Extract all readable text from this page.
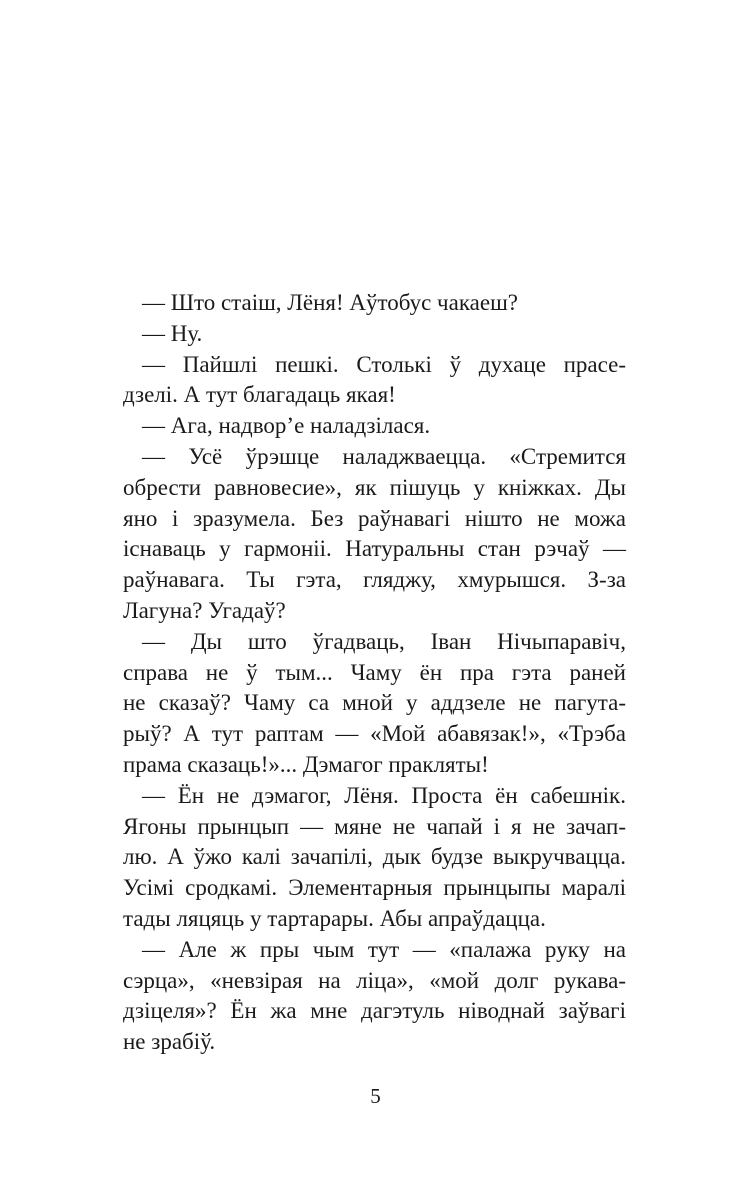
— Што стаіш, Лёня! Аўтобус чакаеш?
— Ну.
— Пайшлі пешкі. Столькі ў духаце прасе-
дзелі. А тут благадаць якая!
— Ага, надвор’е наладзілася.
— Усё ўрэшце наладжваецца. «Стремится
обрести равновесие», як пішуць у кніжках. Ды
яно і зразумела. Без раўнавагі нішто не можа
існаваць у гармоніі. Натуральны стан рэчаў —
раўнавага. Ты гэта, гляджу, хмурышся. З-за
Лагуна? Угадаў?
— Ды што ўгадваць, Іван Нічыпаравіч,
справа не ў тым... Чаму ён пра гэта раней
не сказаў? Чаму са мной у аддзеле не пагута-
рыў? А тут раптам — «Мой абавязак!», «Трэба
прама сказаць!»... Дэмагог пракляты!
— Ён не дэмагог, Лёня. Проста ён сабешнік.
Ягоны прынцып — мяне не чапай і я не зачап-
лю. А ўжо калі зачапілі, дык будзе выкручвацца.
Усімі сродкамі. Элементарныя прынцыпы маралі
тады ляцяць у тартарары. Абы апраўдацца.
— Але ж пры чым тут — «палажа руку на
сэрца», «невзірая на ліца», «мой долг рукава-
дзіцеля»? Ён жа мне дагэтуль ніводнай заўвагі
не зрабіў.
5
